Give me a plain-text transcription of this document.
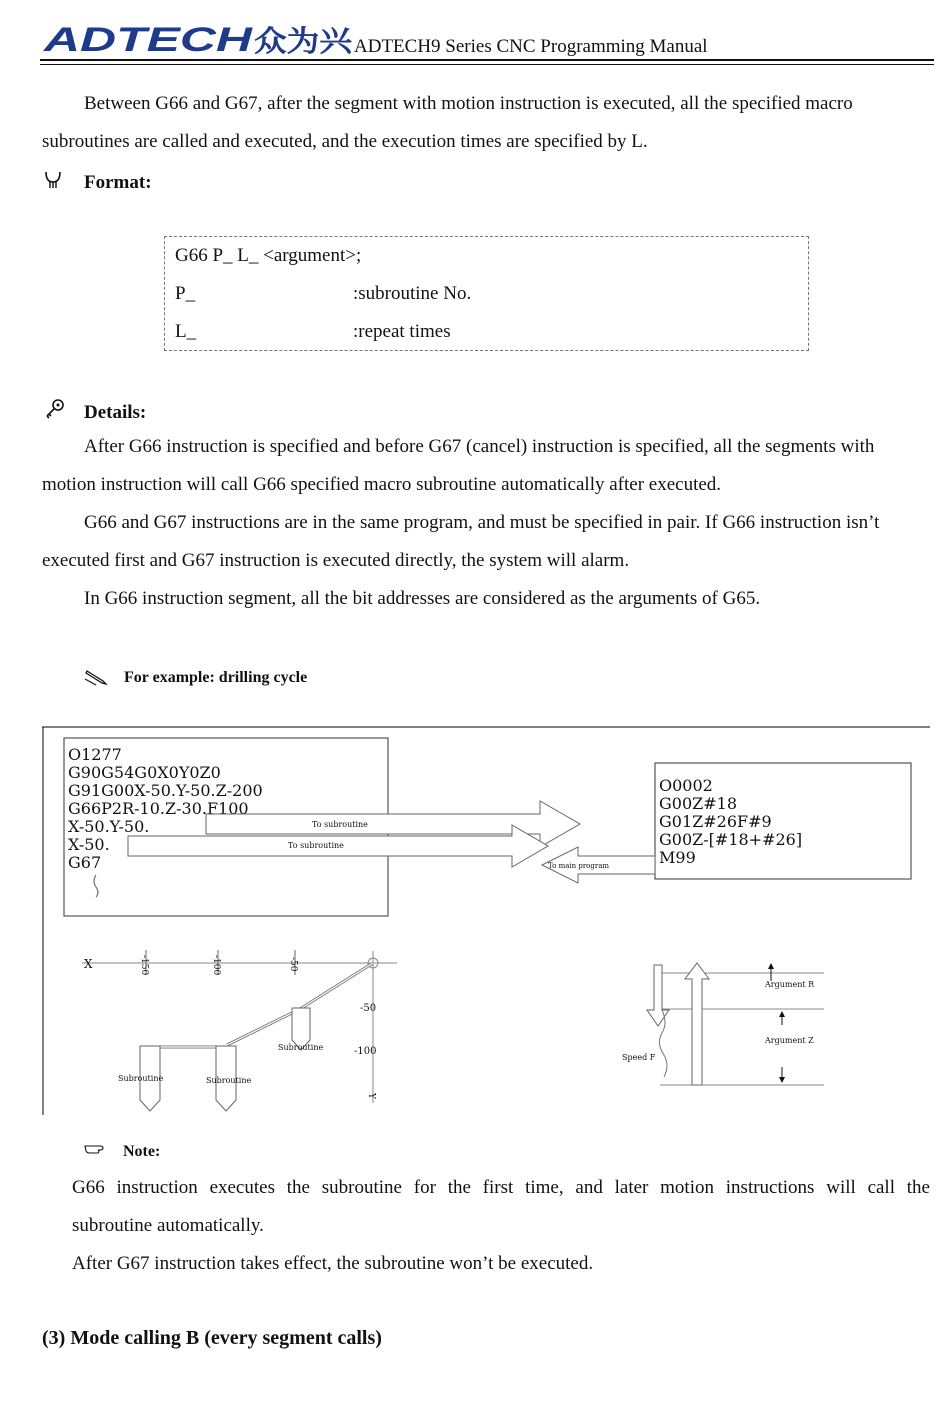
ADTECH 众为兴 ADTECH9 Series CNC Programming Manual
Between G66 and G67, after the segment with motion instruction is executed, all the specified macro
subroutines are called and executed, and the execution times are specified by L.
Format:
G66 P_ L_ <argument>;
P_	:subroutine No.
L_	:repeat times
Details:
After G66 instruction is specified and before G67 (cancel) instruction is specified, all the segments with
motion instruction will call G66 specified macro subroutine automatically after executed.
G66 and G67 instructions are in the same program, and must be specified in pair. If G66 instruction isn’t
executed first and G67 instruction is executed directly, the system will alarm.
In G66 instruction segment, all the bit addresses are considered as the arguments of G65.
For example: drilling cycle
O1277
G90G54G0X0Y0Z0
G91G00X-50.Y-50.Z-200
G66P2R-10.Z-30.F100
X-50.Y-50.
X-50.
G67
O0002
G00Z#18
G01Z#26F#9
G00Z-[#18+#26]
M99
To subroutine
To subroutine
To main program
X	-150	-100	-50
-50
-100
Y
Subroutine
Subroutine
Subroutine
Argument R
Argument Z
Speed F
Note:
G66 instruction executes the subroutine for the first time, and later motion instructions will call the
subroutine automatically.
After G67 instruction takes effect, the subroutine won’t be executed.
(3) Mode calling B (every segment calls)
